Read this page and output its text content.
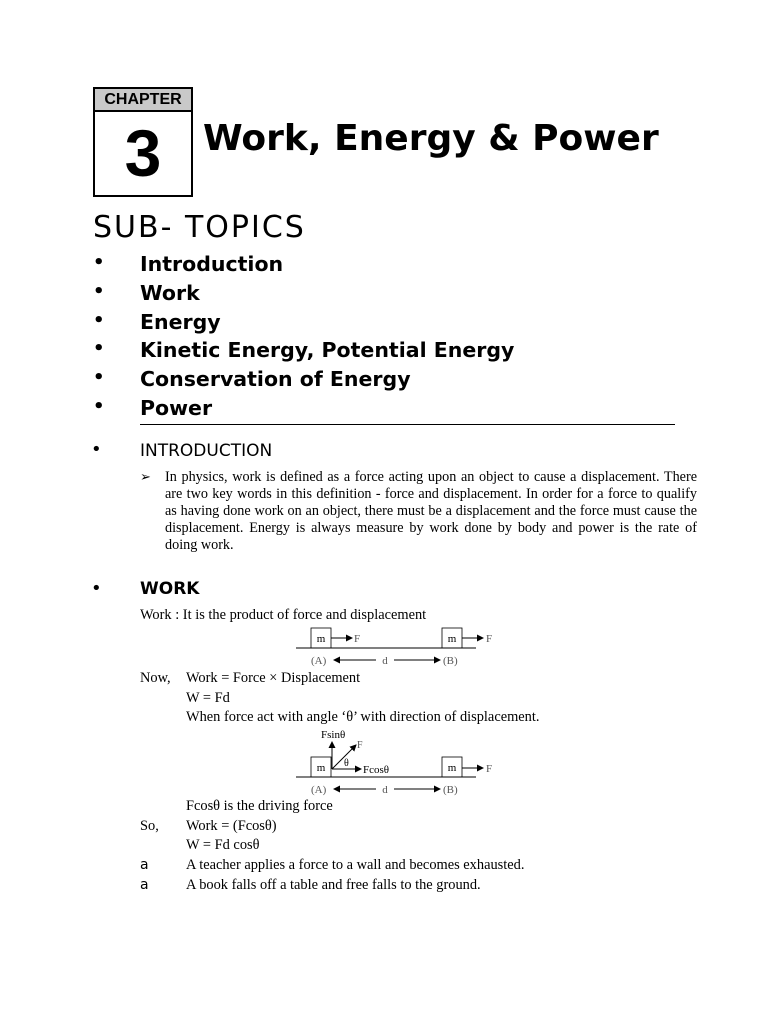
CHAPTER
3	Work, Energy & Power
SUB- TOPICS
• Introduction
• Work
• Energy
• Kinetic Energy, Potential Energy
• Conservation of Energy
• Power
• INTRODUCTION
➢ In physics, work is defined as a force acting upon an object to cause a displacement. There are two key words in this definition - force and displacement. In order for a force to qualify as having done work on an object, there must be a displacement and the force must cause the displacement. Energy is always measure by work done by body and power is the rate of doing work.
• WORK
Work : It is the product of force and displacement
m	F	m	F
(A)	d	(B)
Now, Work = Force × Displacement
W = Fd
When force act with angle ‘θ’ with direction of displacement.
Fsinθ
F
θ
Fcosθ
m	m	F
(A)	d	(B)
Fcosθ is the driving force
So, Work = (Fcosθ)
W = Fd cosθ
a	A teacher applies a force to a wall and becomes exhausted.
a	A book falls off a table and free falls to the ground.
